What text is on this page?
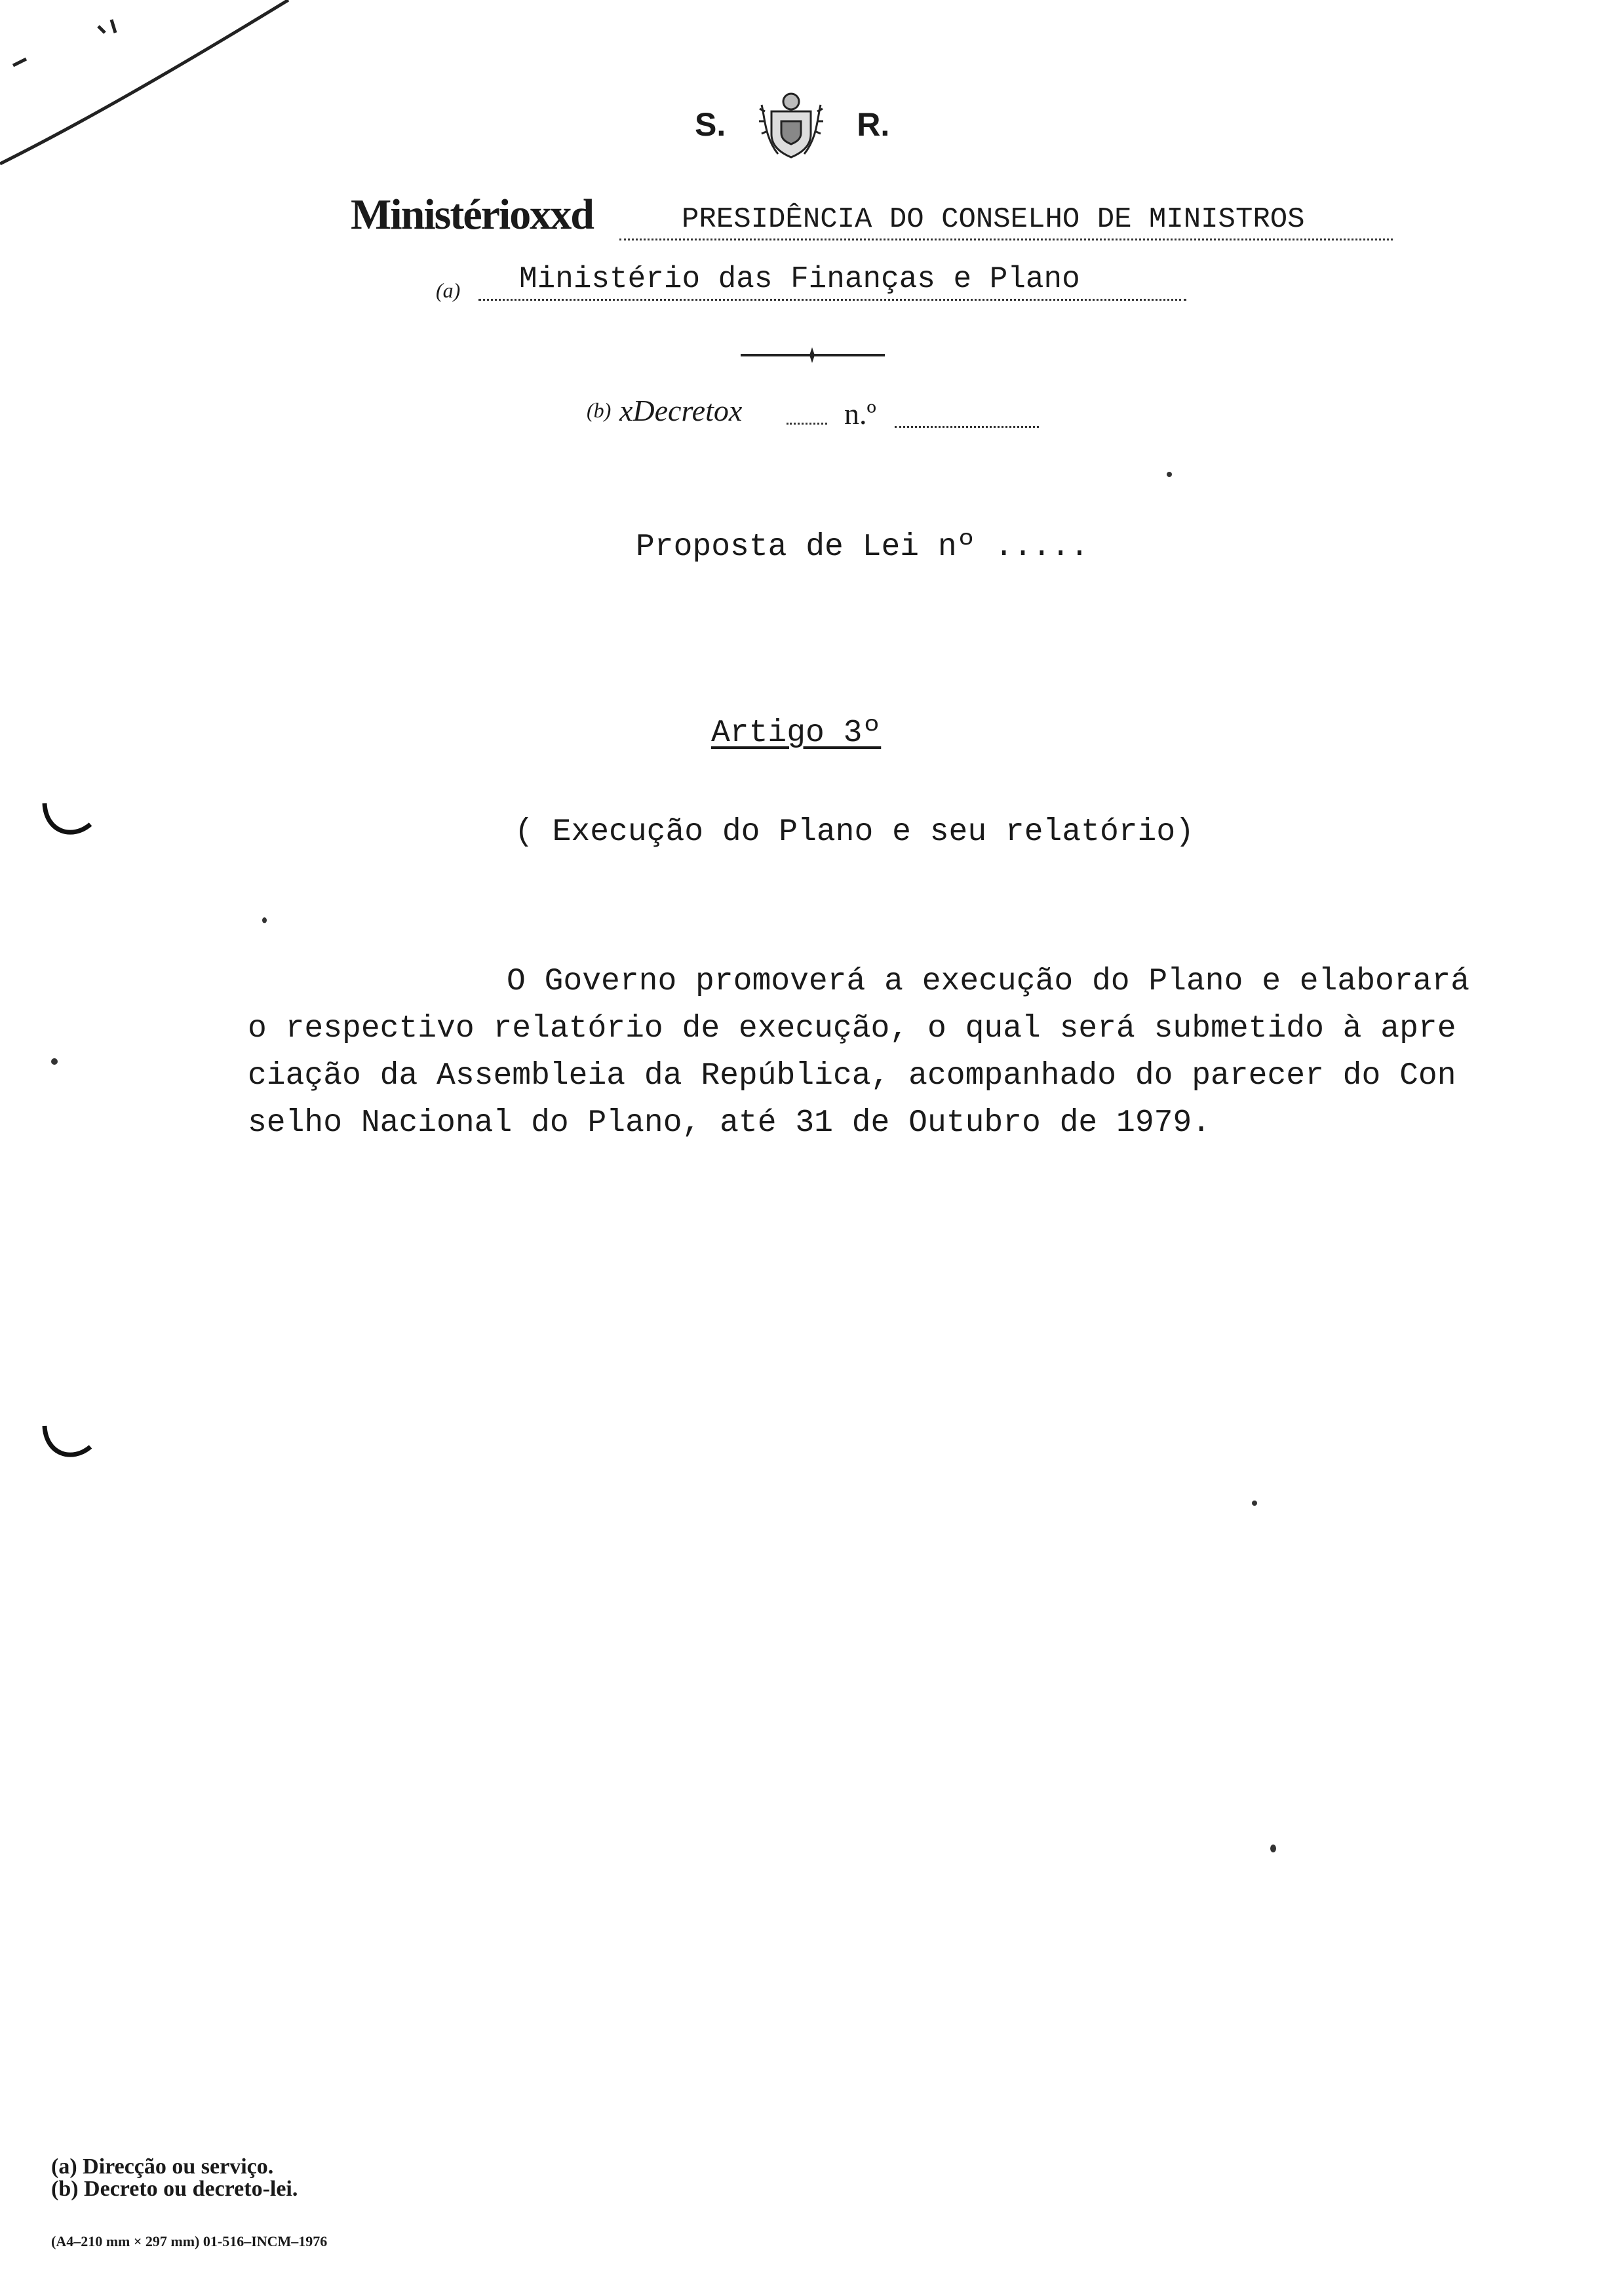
S.	R.
Ministérioxxd	PRESIDÊNCIA DO CONSELHO DE MINISTROS
(a)	Ministério das Finanças e Plano
(b) xDecretox	n.º
Proposta de Lei nº .....
Artigo 3º
( Execução do Plano e seu relatório)

O Governo promoverá a execução do Plano e elaborará

o respectivo relatório de execução, o qual será submetido à apre

ciação da Assembleia da República, acompanhado do parecer do Con

selho Nacional do Plano, até 31 de Outubro de 1979.

(a) Direcção ou serviço.
(b) Decreto ou decreto-lei.
(A4–210 mm × 297 mm) 01-516–INCM–1976
